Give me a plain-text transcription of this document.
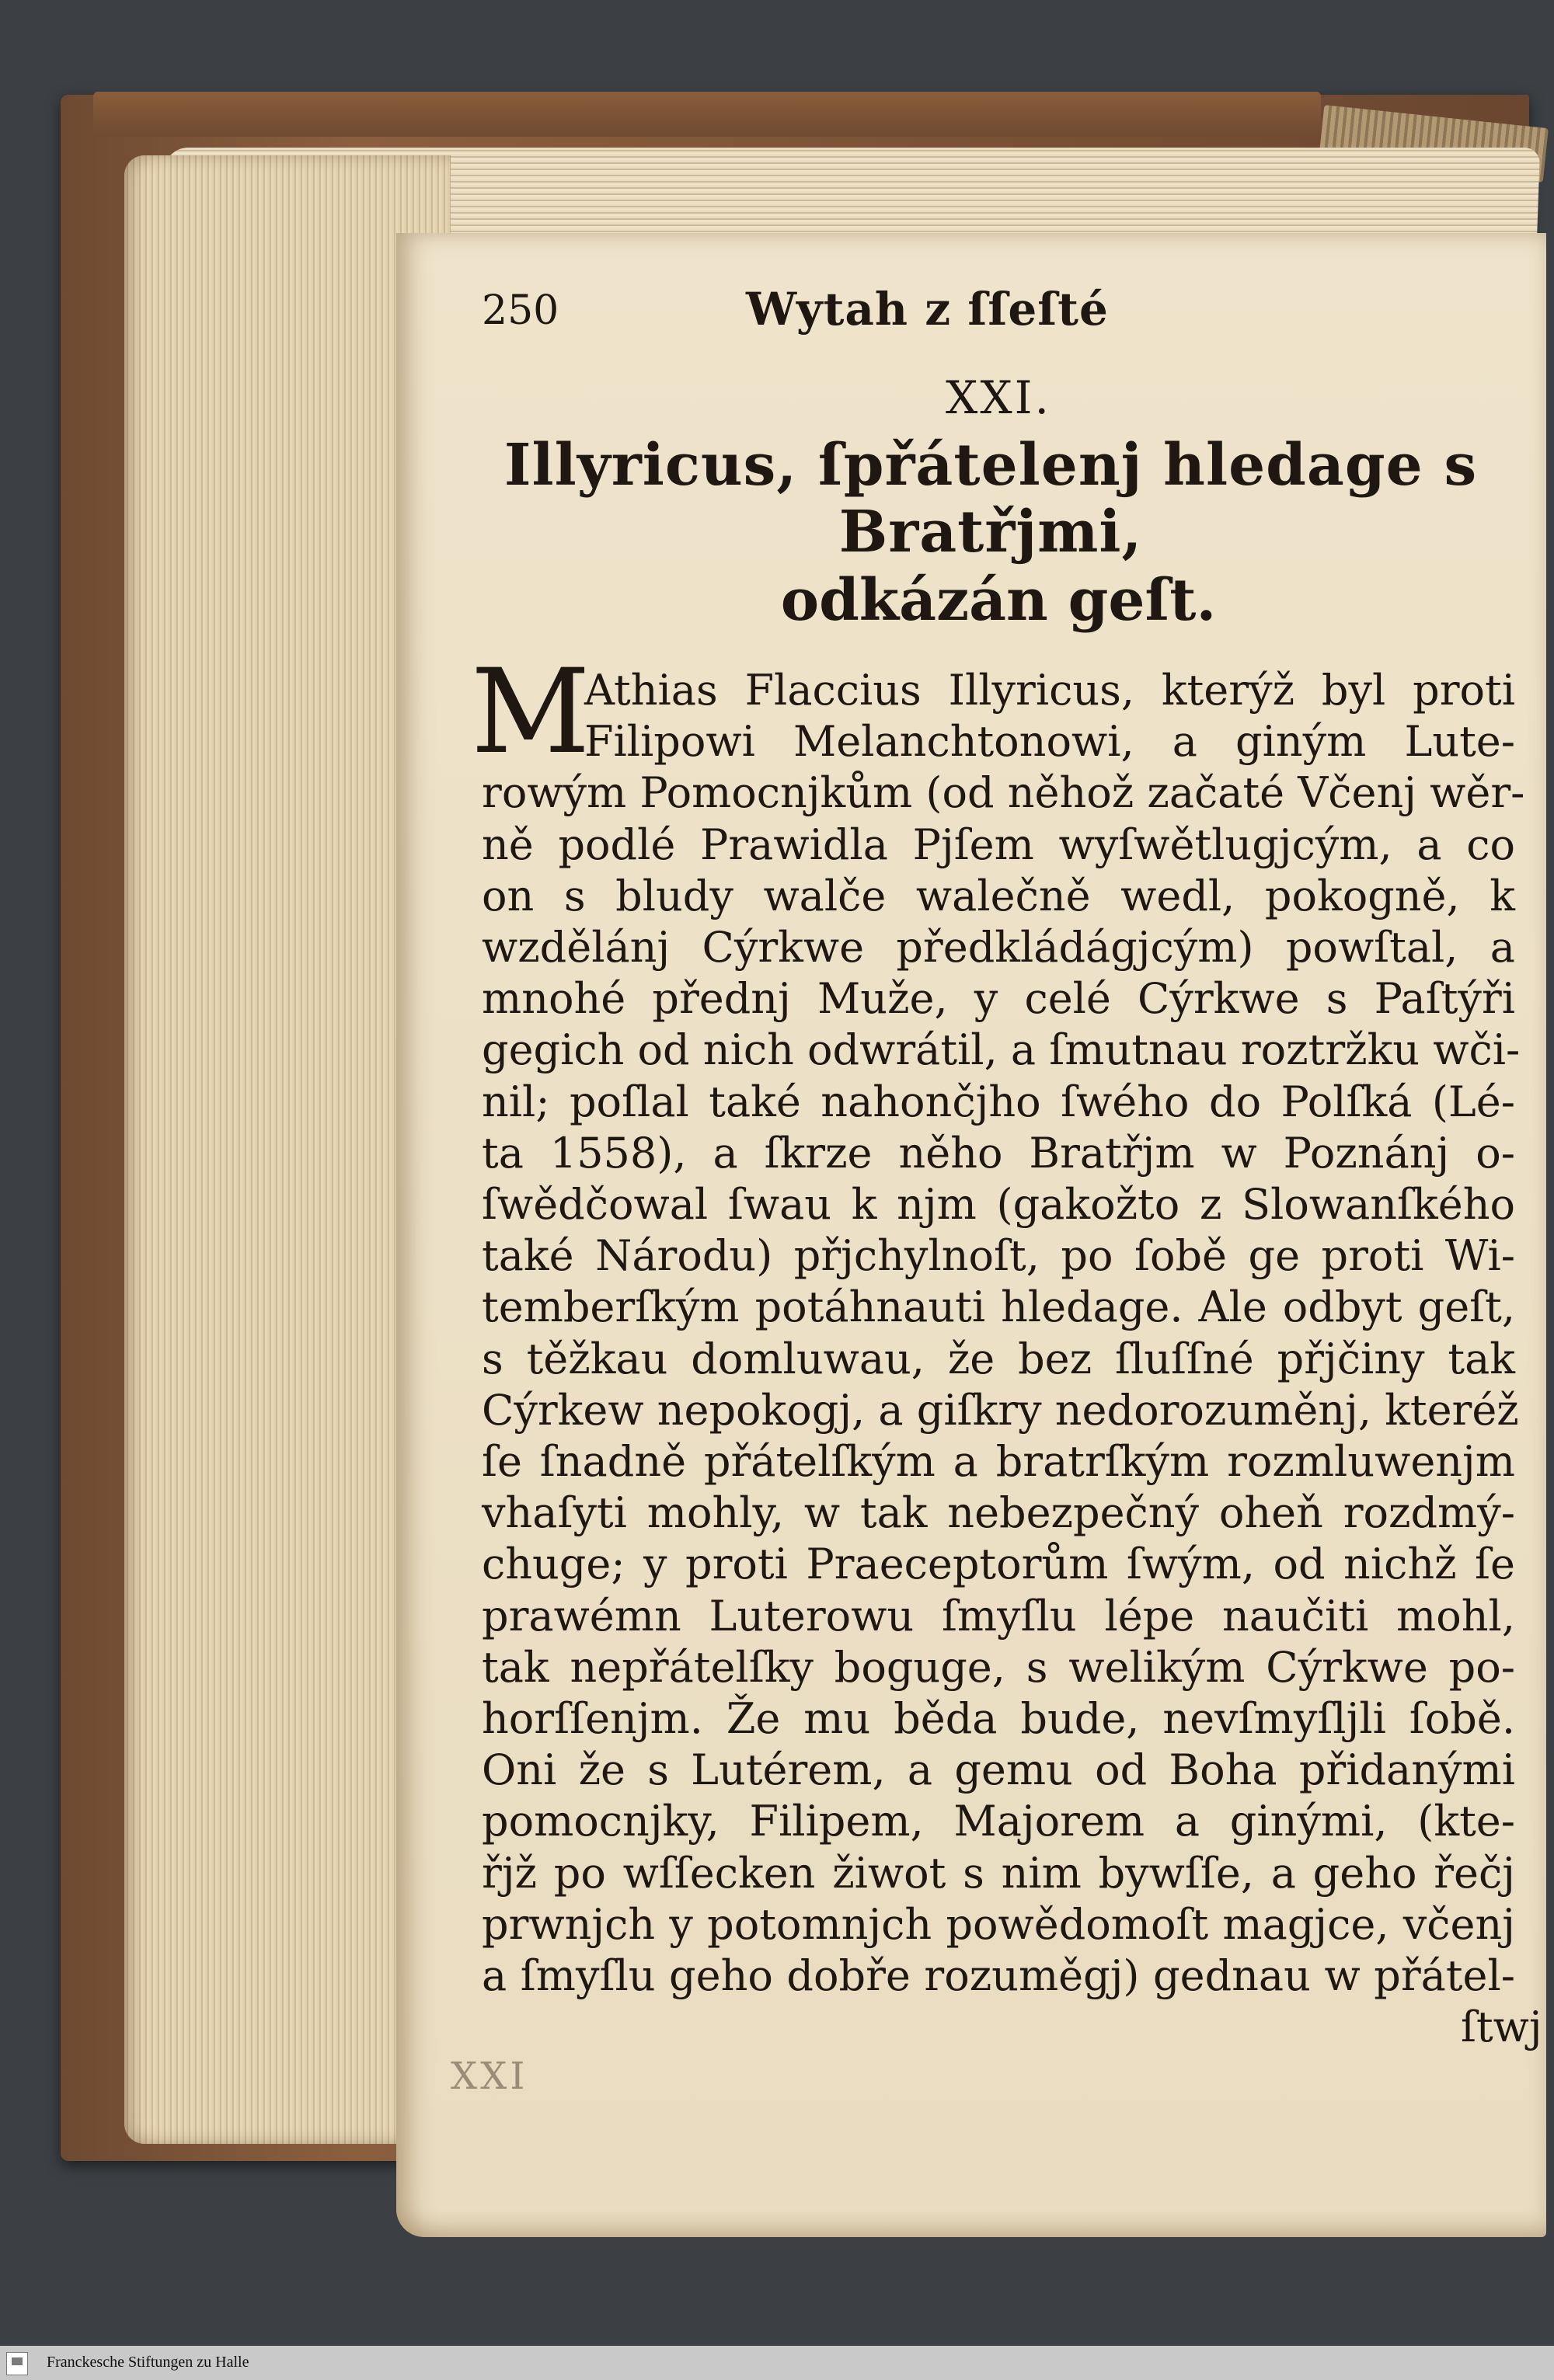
250	Wytah z ſſeſté
XXI.
Illyricus, ſpřátelenj hledage s Bratřjmi,
odkázán geſt.
M
Athias Flaccius Illyricus, kterýž byl proti
Filipowi Melanchtonowi, a giným Lute-
rowým Pomocnjkům (od něhož začaté Včenj wěr-
ně podlé Prawidla Pjſem wyſwětlugjcým, a co
on s bludy walče walečně wedl, pokogně, k
wzdělánj Cýrkwe předkládágjcým) powſtal, a
mnohé přednj Muže, y celé Cýrkwe s Paſtýři
gegich od nich odwrátil, a ſmutnau roztržku wči-
nil; poſlal také nahončjho ſwého do Polſká (Lé-
ta 1558), a ſkrze něho Bratřjm w Poznánj o-
ſwědčowal ſwau k njm (gakožto z Slowanſkého
také Národu) přjchylnoſt, po ſobě ge proti Wi-
temberſkým potáhnauti hledage. Ale odbyt geſt,
s těžkau domluwau, že bez ſluſſné přjčiny tak
Cýrkew nepokogj, a giſkry nedorozuměnj, kteréž
ſe ſnadně přátelſkým a bratrſkým rozmluwenjm
vhaſyti mohly, w tak nebezpečný oheň rozdmý-
chuge; y proti Praeceptorům ſwým, od nichž ſe
prawémn Luterowu ſmyſlu lépe naučiti mohl,
tak nepřátelſky boguge, s welikým Cýrkwe po-
horſſenjm. Že mu běda bude, nevſmyſljli ſobě.
Oni že s Lutérem, a gemu od Boha přidanými
pomocnjky, Filipem, Majorem a ginými, (kte-
řjž po wſſecken žiwot s nim bywſſe, a geho řečj
prwnjch y potomnjch powědomoſt magjce, včenj
a ſmyſlu geho dobře rozuměgj) gednau w přátel-
ſtwj
XXI
Franckesche Stiftungen zu Halle
